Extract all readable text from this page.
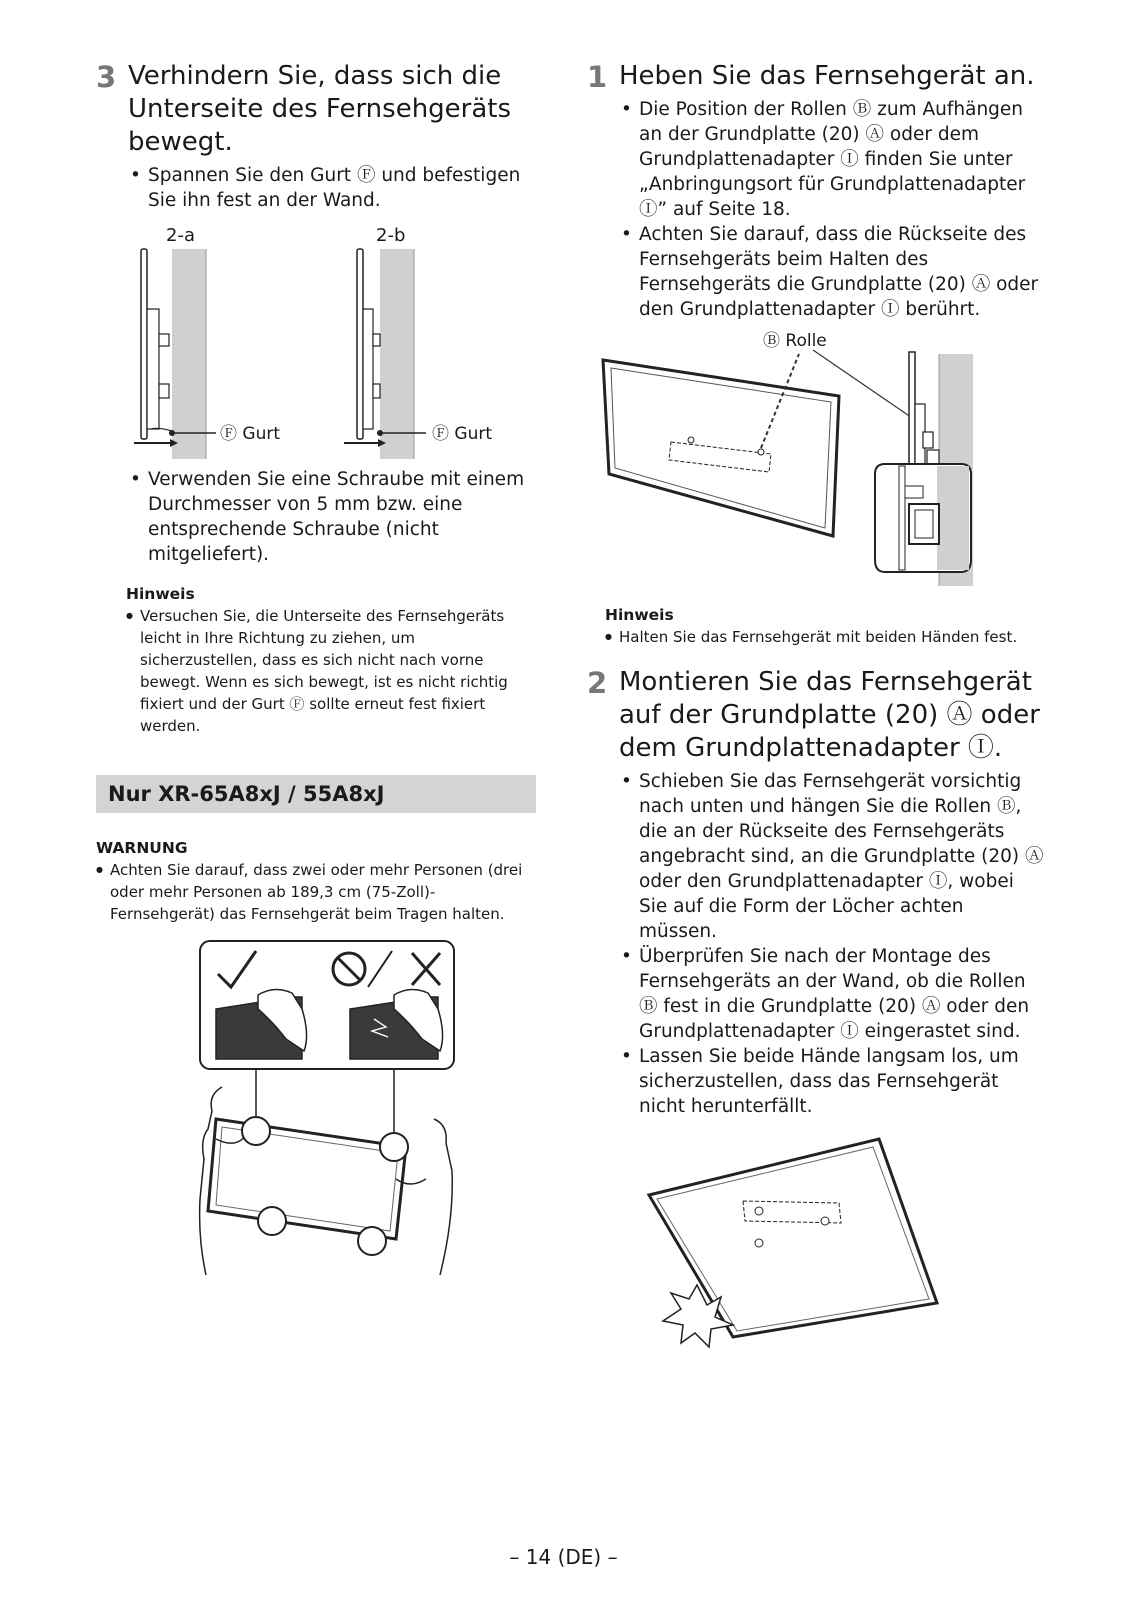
3 Verhindern Sie, dass sich die Unterseite des Fernsehgeräts bewegt.
• Spannen Sie den Gurt Ⓕ und befestigen Sie ihn fest an der Wand.
2-a	2-b
Ⓕ Gurt	Ⓕ Gurt
• Verwenden Sie eine Schraube mit einem Durchmesser von 5 mm bzw. eine entsprechende Schraube (nicht mitgeliefert).
Hinweis
● Versuchen Sie, die Unterseite des Fernsehgeräts leicht in Ihre Richtung zu ziehen, um sicherzustellen, dass es sich nicht nach vorne bewegt. Wenn es sich bewegt, ist es nicht richtig fixiert und der Gurt Ⓕ sollte erneut fest fixiert werden.
Nur XR-65A8xJ / 55A8xJ
WARNUNG
● Achten Sie darauf, dass zwei oder mehr Personen (drei oder mehr Personen ab 189,3 cm (75-Zoll)-Fernsehgerät) das Fernsehgerät beim Tragen halten.
1 Heben Sie das Fernsehgerät an.
• Die Position der Rollen Ⓑ zum Aufhängen an der Grundplatte (20) Ⓐ oder dem Grundplattenadapter Ⓘ finden Sie unter „Anbringungsort für Grundplattenadapter Ⓘ” auf Seite 18.
• Achten Sie darauf, dass die Rückseite des Fernsehgeräts beim Halten des Fernsehgeräts die Grundplatte (20) Ⓐ oder den Grundplattenadapter Ⓘ berührt.
Ⓑ Rolle
Hinweis
● Halten Sie das Fernsehgerät mit beiden Händen fest.
2 Montieren Sie das Fernsehgerät auf der Grundplatte (20) Ⓐ oder dem Grundplattenadapter Ⓘ.
• Schieben Sie das Fernsehgerät vorsichtig nach unten und hängen Sie die Rollen Ⓑ, die an der Rückseite des Fernsehgeräts angebracht sind, an die Grundplatte (20) Ⓐ oder den Grundplattenadapter Ⓘ, wobei Sie auf die Form der Löcher achten müssen.
• Überprüfen Sie nach der Montage des Fernsehgeräts an der Wand, ob die Rollen Ⓑ fest in die Grundplatte (20) Ⓐ oder den Grundplattenadapter Ⓘ eingerastet sind.
• Lassen Sie beide Hände langsam los, um sicherzustellen, dass das Fernsehgerät nicht herunterfällt.
– 14 (DE) –
